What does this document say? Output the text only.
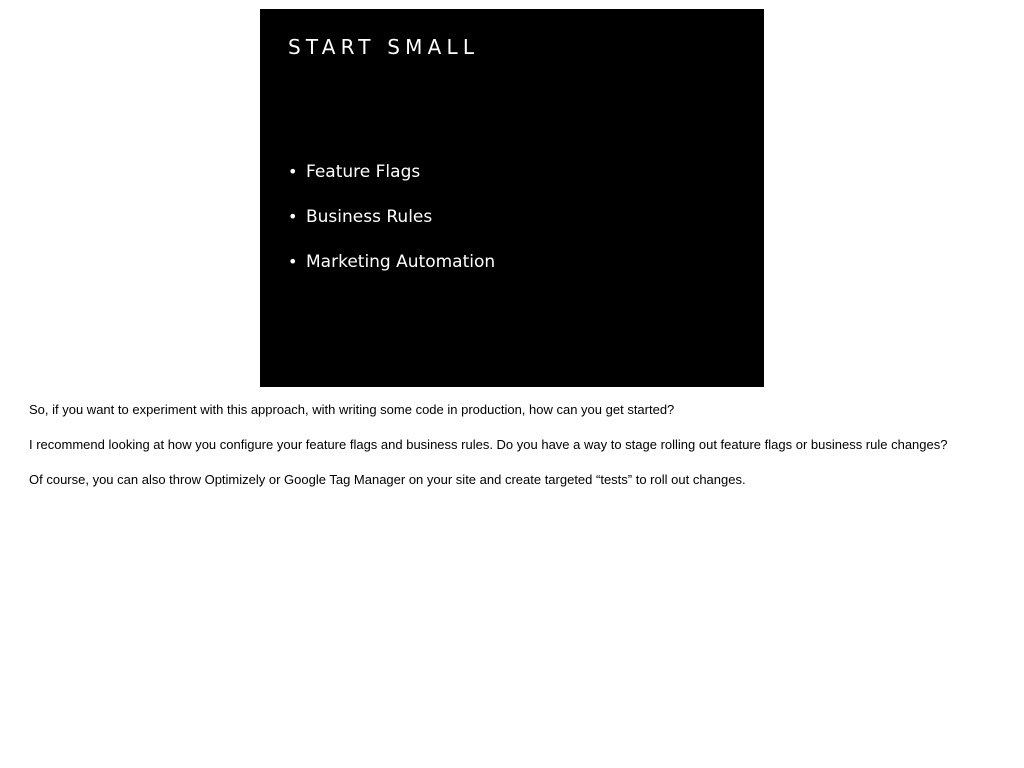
START SMALL
• Feature Flags
• Business Rules
• Marketing Automation

So, if you want to experiment with this approach, with writing some code in production, how can you get started?

I recommend looking at how you configure your feature flags and business rules. Do you have a way to stage rolling out feature flags or business rule changes?

Of course, you can also throw Optimizely or Google Tag Manager on your site and create targeted “tests” to roll out changes.
